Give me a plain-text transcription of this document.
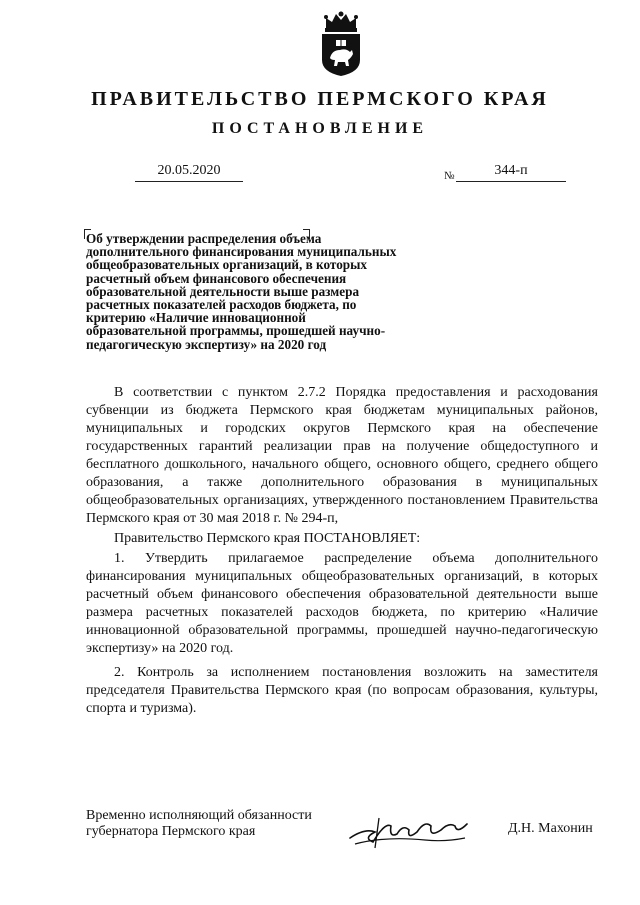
ПРАВИТЕЛЬСТВО ПЕРМСКОГО КРАЯ
ПОСТАНОВЛЕНИЕ
20.05.2020	№	344-п
Об утверждении распределения объема дополнительного финансирования муниципальных общеобразовательных организаций, в которых расчетный объем финансового обеспечения образовательной деятельности выше размера расчетных показателей расходов бюджета, по критерию «Наличие инновационной образовательной программы, прошедшей научно-педагогическую экспертизу» на 2020 год

В соответствии с пунктом 2.7.2 Порядка предоставления и расходования субвенции из бюджета Пермского края бюджетам муниципальных районов, муниципальных и городских округов Пермского края на обеспечение государственных гарантий реализации прав на получение общедоступного и бесплатного дошкольного, начального общего, основного общего, среднего общего образования, а также дополнительного образования в муниципальных общеобразовательных организациях, утвержденного постановлением Правительства Пермского края от 30 мая 2018 г. № 294-п,

Правительство Пермского края ПОСТАНОВЛЯЕТ:

1. Утвердить прилагаемое распределение объема дополнительного финансирования муниципальных общеобразовательных организаций, в которых расчетный объем финансового обеспечения образовательной деятельности выше размера расчетных показателей расходов бюджета, по критерию «Наличие инновационной образовательной программы, прошедшей научно-педагогическую экспертизу» на 2020 год.

2. Контроль за исполнением постановления возложить на заместителя председателя Правительства Пермского края (по вопросам образования, культуры, спорта и туризма).

Временно исполняющий обязанности
губернатора Пермского края	Д.Н. Махонин
